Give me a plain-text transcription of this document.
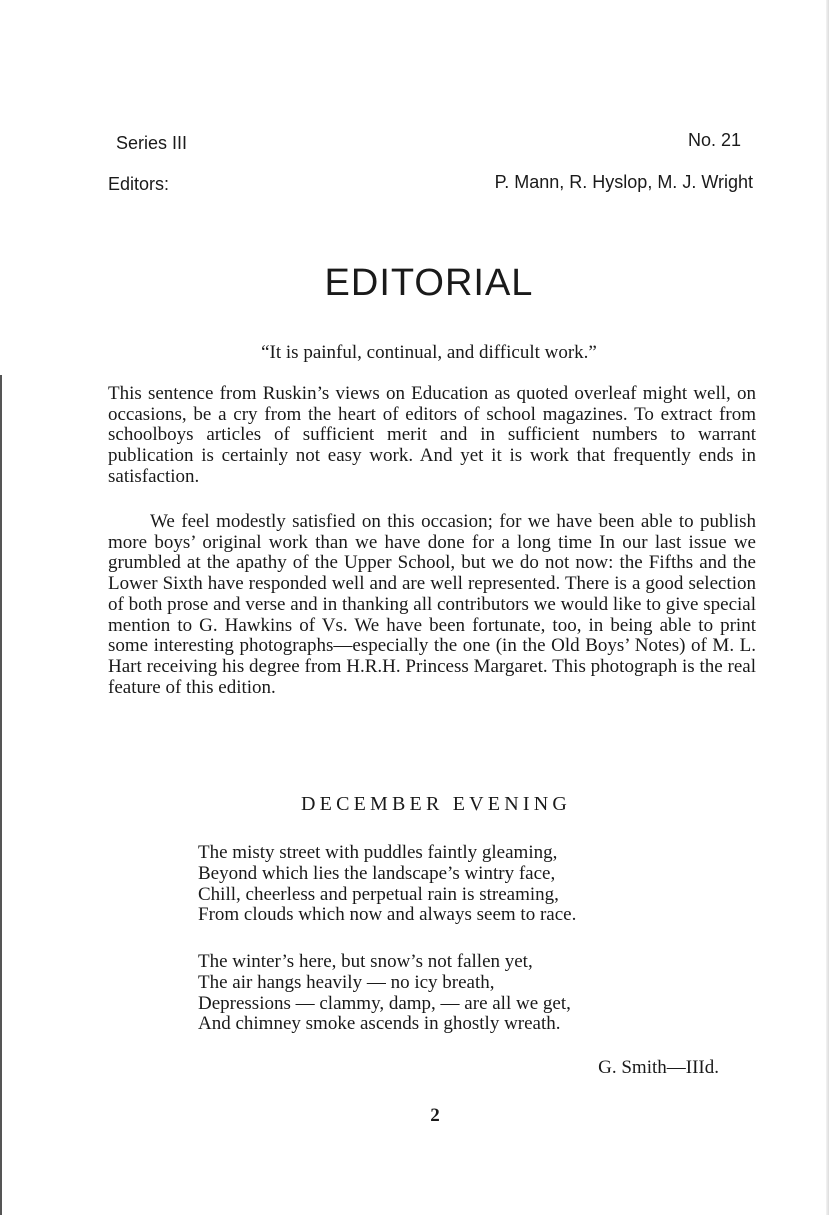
Series III	No. 21
Editors:	P. Mann, R. Hyslop, M. J. Wright
EDITORIAL
“It is painful, continual, and difficult work.”

This sentence from Ruskin’s views on Education as quoted overleaf might well, on occasions, be a cry from the heart of editors of school magazines. To extract from schoolboys articles of sufficient merit and in sufficient numbers to warrant publication is certainly not easy work. And yet it is work that frequently ends in satisfaction.

We feel modestly satisfied on this occasion; for we have been able to publish more boys’ original work than we have done for a long time In our last issue we grumbled at the apathy of the Upper School, but we do not now: the Fifths and the Lower Sixth have responded well and are well represented. There is a good selection of both prose and verse and in thanking all contributors we would like to give special mention to G. Hawkins of Vs. We have been fortunate, too, in being able to print some interesting photographs—especially the one (in the Old Boys’ Notes) of M. L. Hart receiving his degree from H.R.H. Princess Margaret. This photograph is the real feature of this edition.

DECEMBER EVENING
The misty street with puddles faintly gleaming,
Beyond which lies the landscape’s wintry face,
Chill, cheerless and perpetual rain is streaming,
From clouds which now and always seem to race.
The winter’s here, but snow’s not fallen yet,
The air hangs heavily — no icy breath,
Depressions — clammy, damp, — are all we get,
And chimney smoke ascends in ghostly wreath.
G. Smith—IIId.
2
